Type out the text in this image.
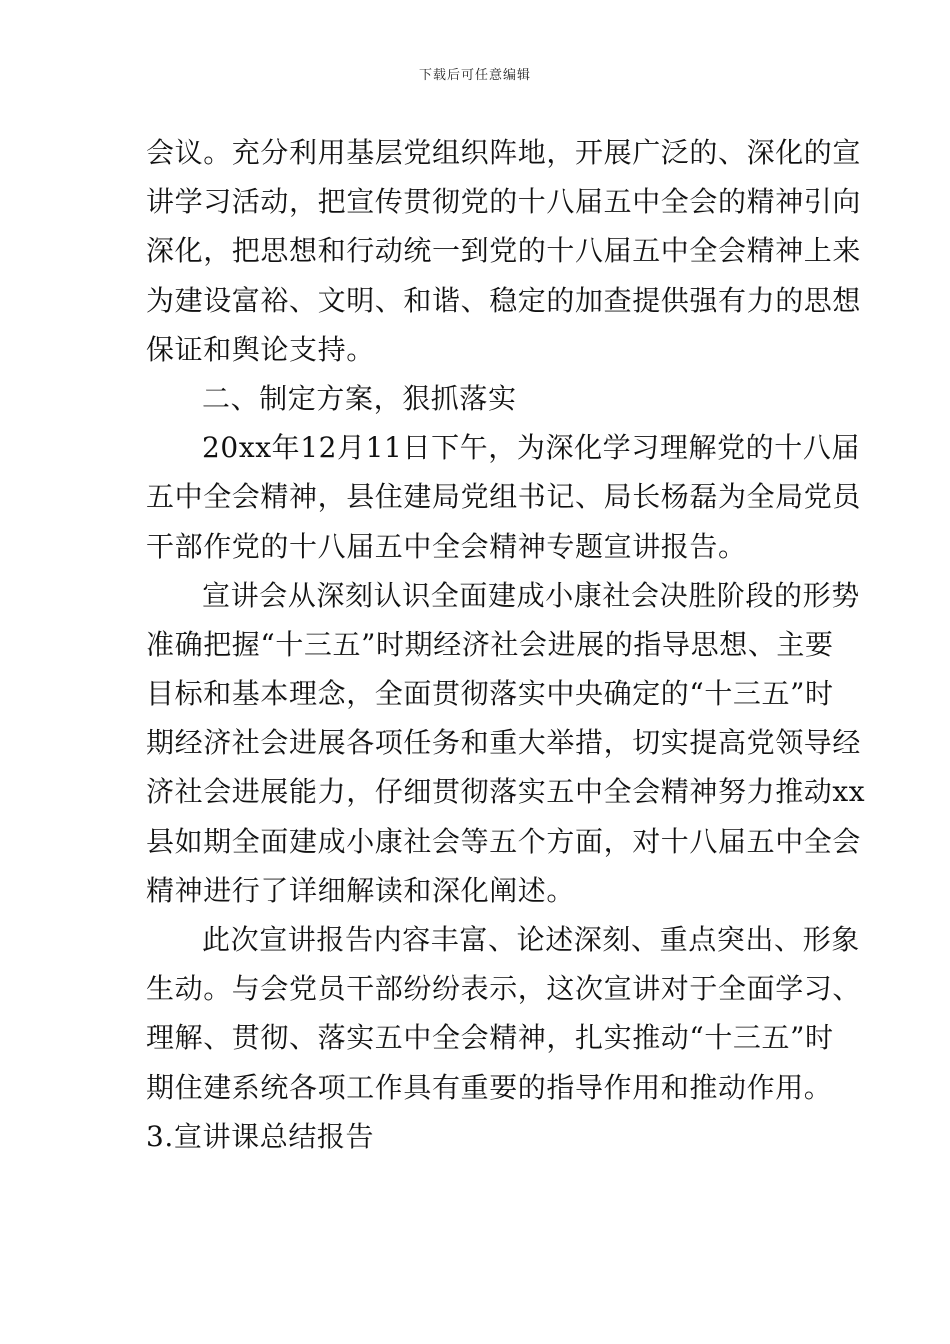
下载后可任意编辑
会议。充分利用基层党组织阵地，开展广泛的、深化的宣
讲学习活动，把宣传贯彻党的十八届五中全会的精神引向
深化，把思想和行动统一到党的十八届五中全会精神上来
为建设富裕、文明、和谐、稳定的加查提供强有力的思想
保证和舆论支持。
二、制定方案，狠抓落实
20xx年12月11日下午，为深化学习理解党的十八届
五中全会精神，县住建局党组书记、局长杨磊为全局党员
干部作党的十八届五中全会精神专题宣讲报告。
宣讲会从深刻认识全面建成小康社会决胜阶段的形势
准确把握“十三五”时期经济社会进展的指导思想、主要
目标和基本理念，全面贯彻落实中央确定的“十三五”时
期经济社会进展各项任务和重大举措，切实提高党领导经
济社会进展能力，仔细贯彻落实五中全会精神努力推动xx
县如期全面建成小康社会等五个方面，对十八届五中全会
精神进行了详细解读和深化阐述。
此次宣讲报告内容丰富、论述深刻、重点突出、形象
生动。与会党员干部纷纷表示，这次宣讲对于全面学习、
理解、贯彻、落实五中全会精神，扎实推动“十三五”时
期住建系统各项工作具有重要的指导作用和推动作用。
3.宣讲课总结报告
